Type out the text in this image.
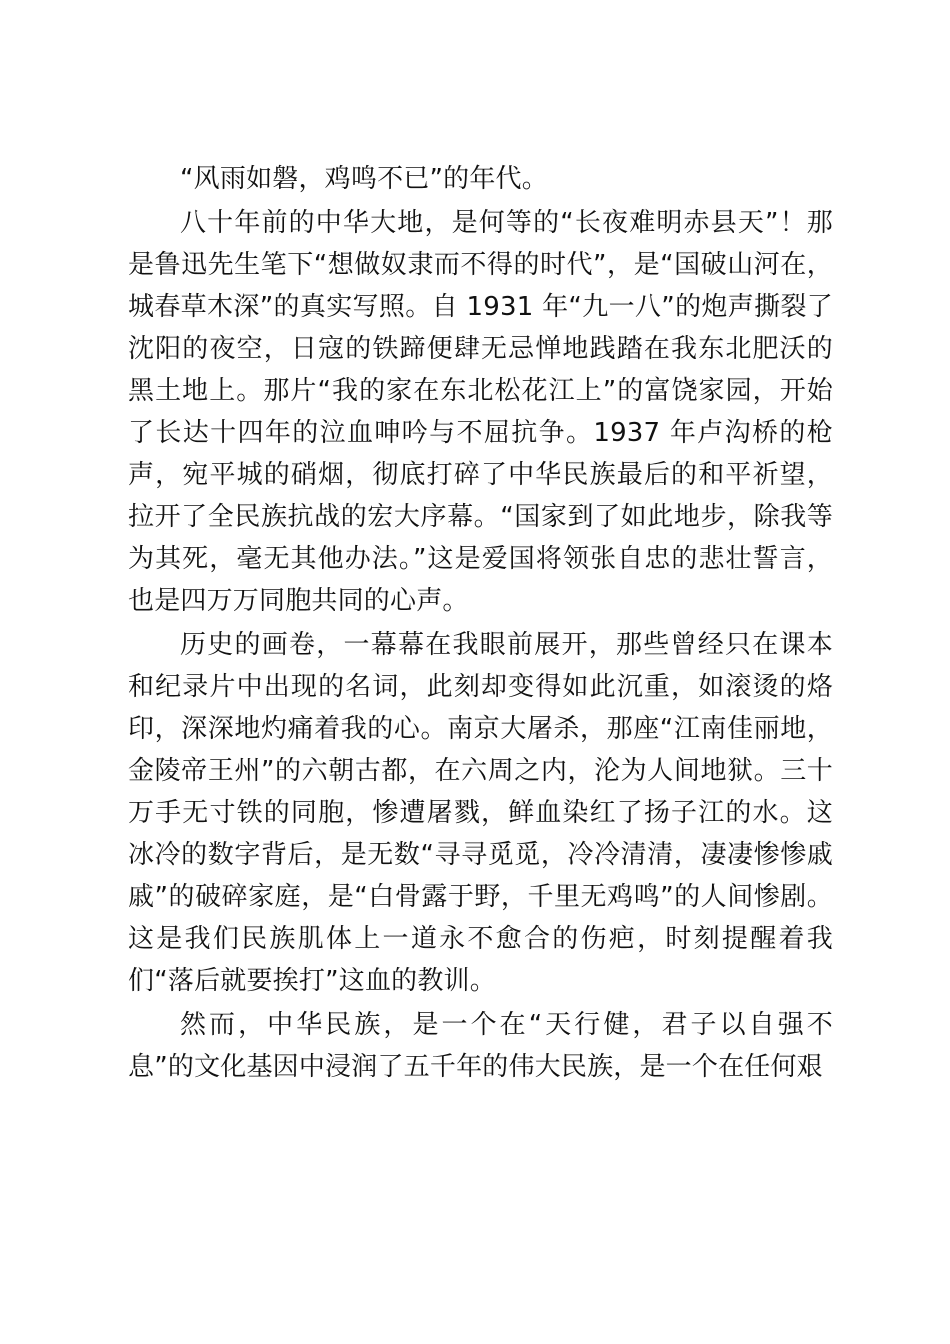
“风雨如磐，鸡鸣不已”的年代。

八十年前的中华大地，是何等的“长夜难明赤县天”！那是鲁迅先生笔下“想做奴隶而不得的时代”，是“国破山河在，城春草木深”的真实写照。自 1931 年“九一八”的炮声撕裂了沈阳的夜空，日寇的铁蹄便肆无忌惮地践踏在我东北肥沃的黑土地上。那片“我的家在东北松花江上”的富饶家园，开始了长达十四年的泣血呻吟与不屈抗争。1937 年卢沟桥的枪声，宛平城的硝烟，彻底打碎了中华民族最后的和平祈望，拉开了全民族抗战的宏大序幕。“国家到了如此地步，除我等为其死，毫无其他办法。”这是爱国将领张自忠的悲壮誓言，也是四万万同胞共同的心声。

历史的画卷，一幕幕在我眼前展开，那些曾经只在课本和纪录片中出现的名词，此刻却变得如此沉重，如滚烫的烙印，深深地灼痛着我的心。南京大屠杀，那座“江南佳丽地，金陵帝王州”的六朝古都，在六周之内，沦为人间地狱。三十万手无寸铁的同胞，惨遭屠戮，鲜血染红了扬子江的水。这冰冷的数字背后，是无数“寻寻觅觅，冷冷清清，凄凄惨惨戚戚”的破碎家庭，是“白骨露于野，千里无鸡鸣”的人间惨剧。这是我们民族肌体上一道永不愈合的伤疤，时刻提醒着我们“落后就要挨打”这血的教训。

然而，中华民族，是一个在“天行健，君子以自强不息”的文化基因中浸润了五千年的伟大民族，是一个在任何艰
